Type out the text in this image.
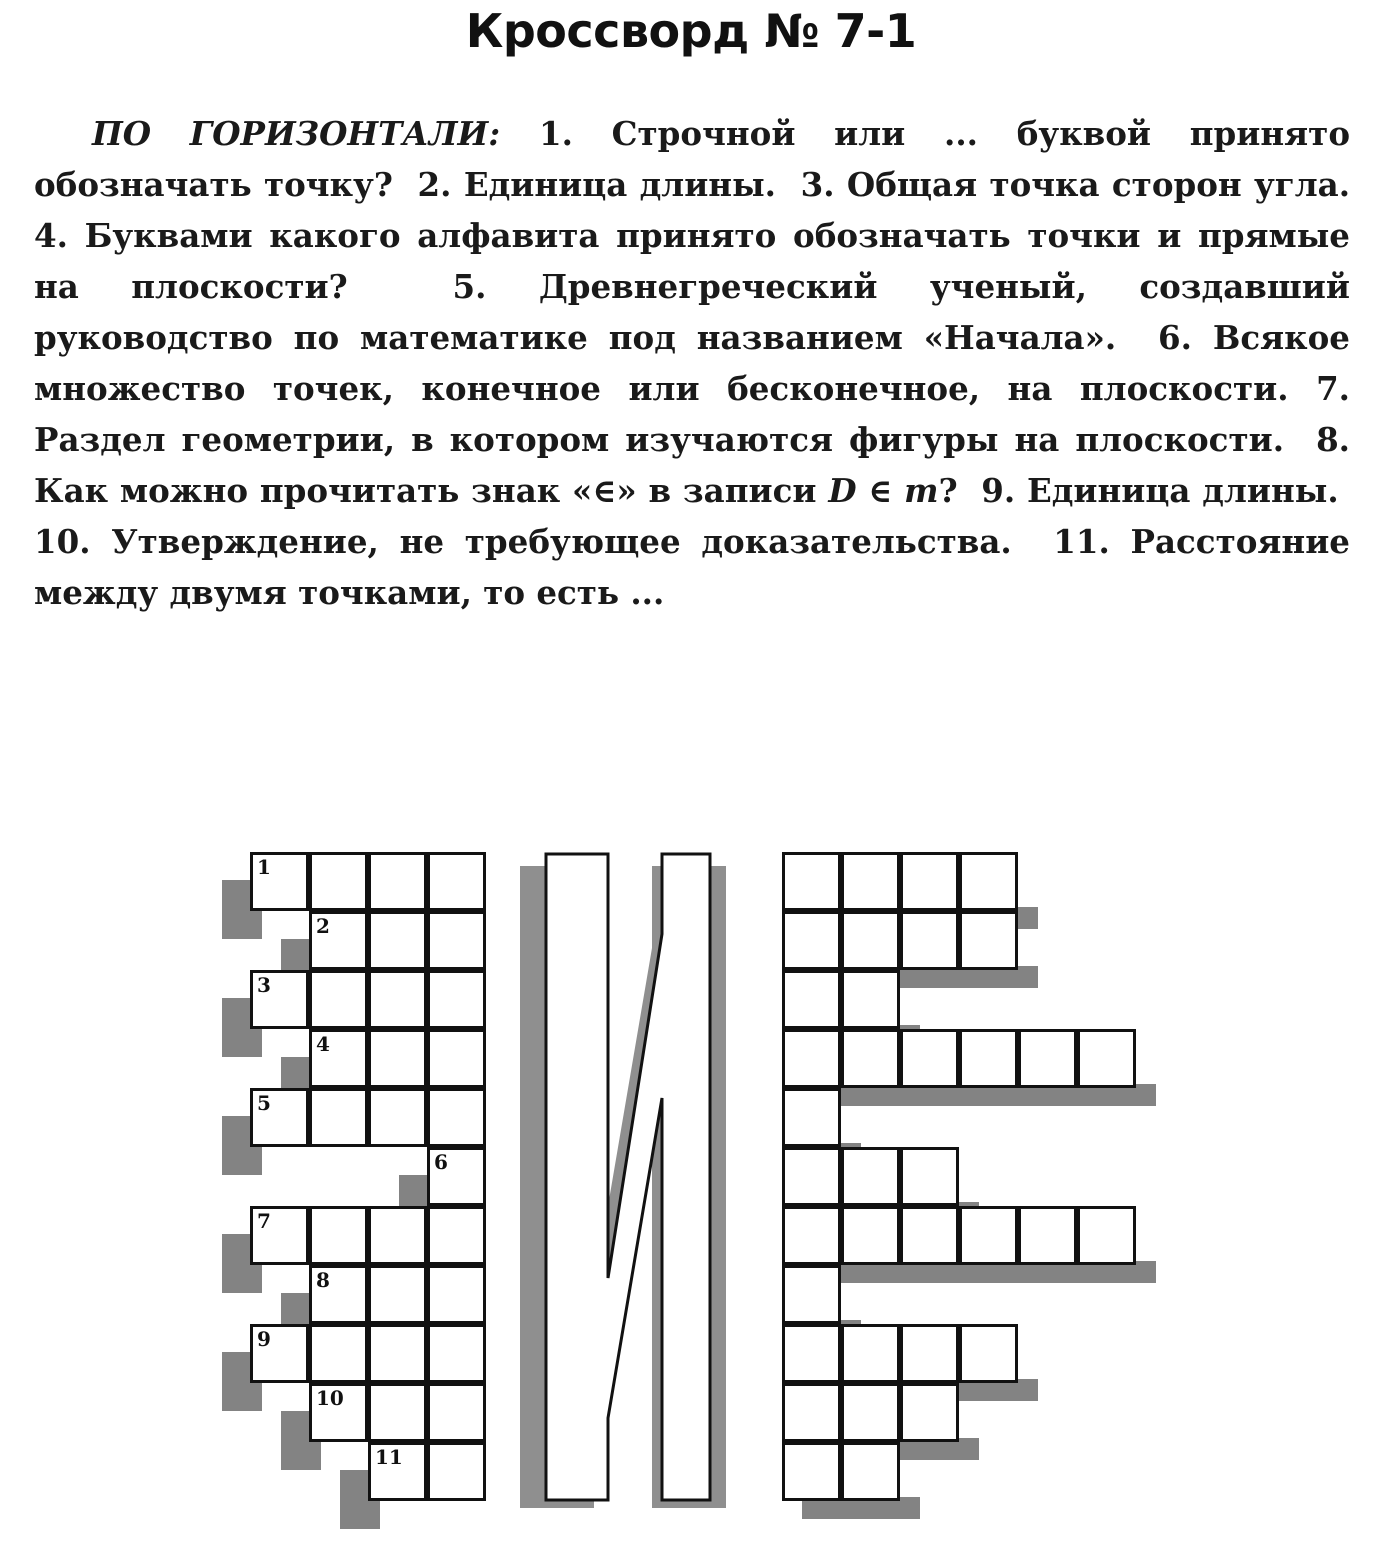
Кроссворд № 7-1
ПО ГОРИЗОНТАЛИ: 1. Строчной или ... буквой принято обозначать точку? 2. Единица длины. 3. Общая точка сторон угла. 4. Буквами какого алфавита принято обозначать точки и прямые на плоскости?	5. Древнегреческий ученый, создавший руководство по математике под названием «Начала». 6. Всякое множество точек, конечное или бесконечное, на плоскости. 7. Раздел геометрии, в котором изучаются фигуры на плоскости. 8. Как можно прочитать знак «∈» в записи D ∈ m? 9. Единица длины.  10. Утверждение, не требующее доказательства. 11. Расстояние между двумя точками, то есть ...
1
2
3
4
5
6
7
8
9
10
11
